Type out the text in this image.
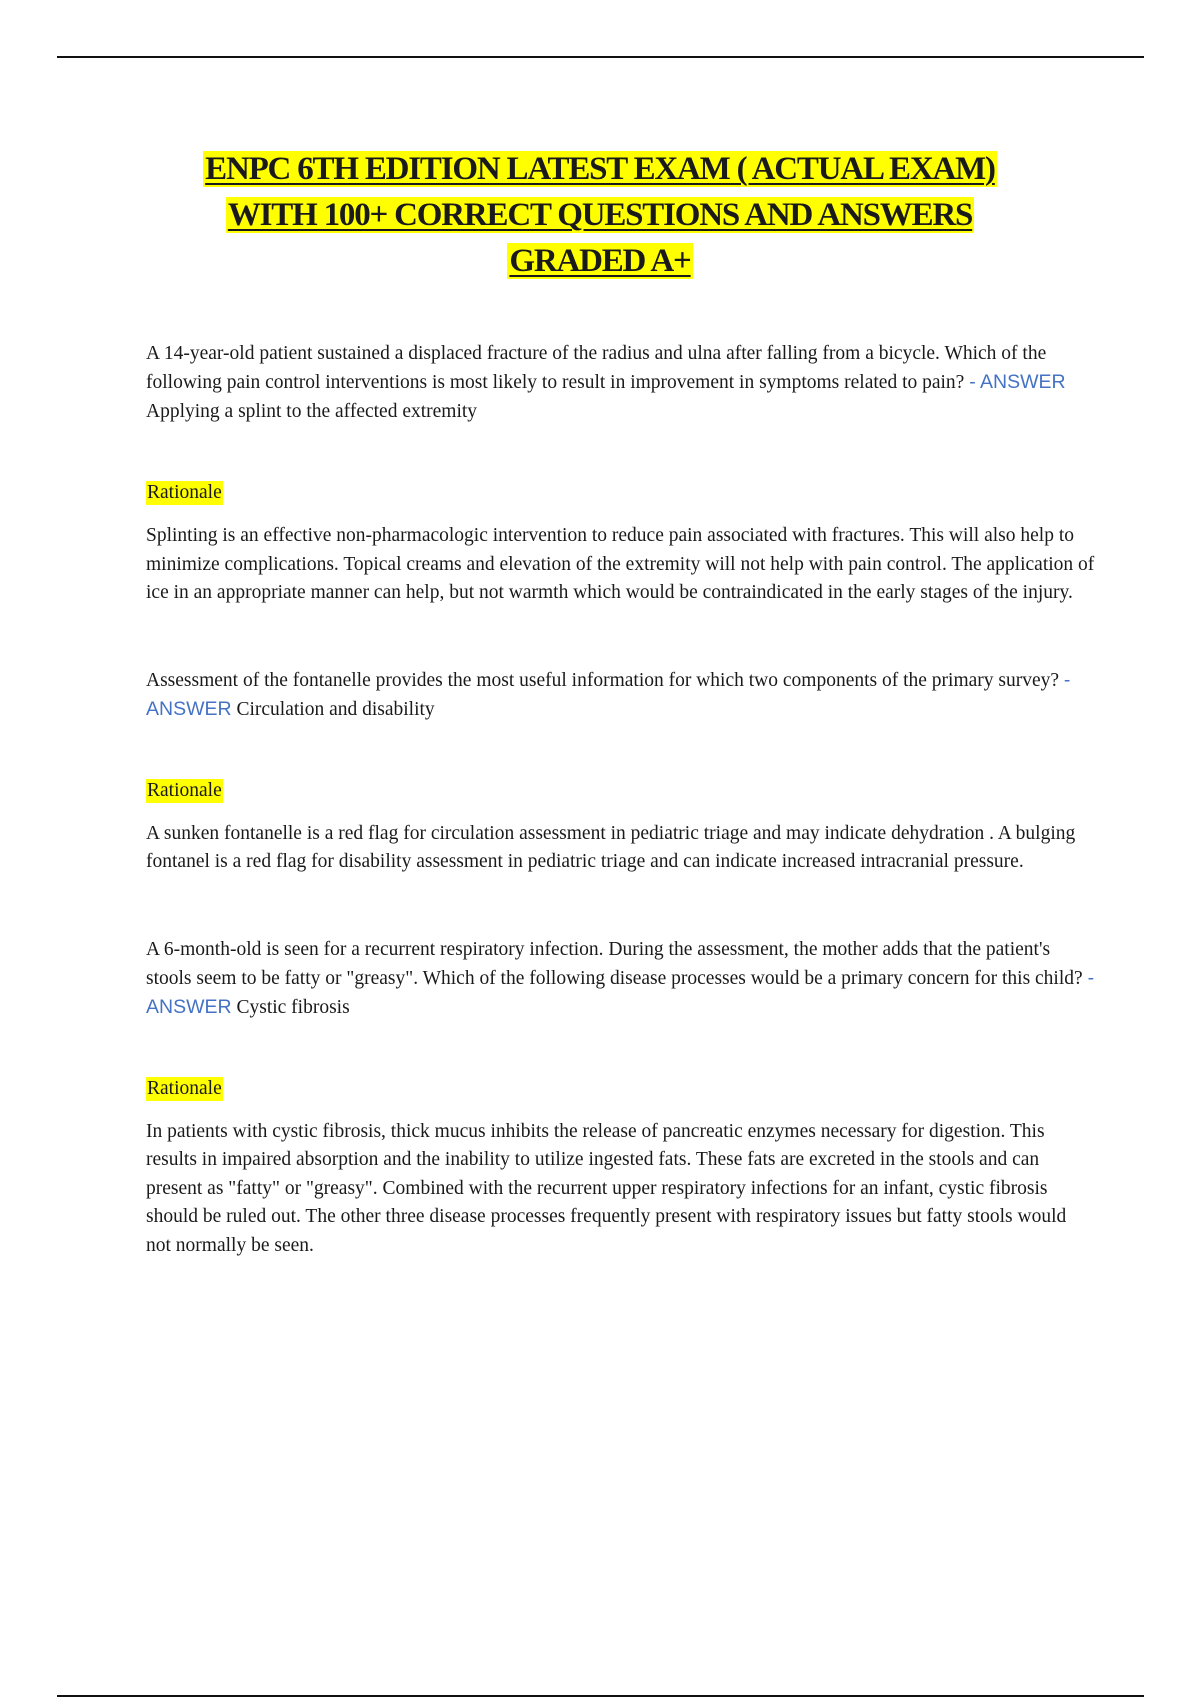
ENPC 6TH EDITION LATEST EXAM ( ACTUAL EXAM)
WITH 100+ CORRECT QUESTIONS AND ANSWERS
GRADED A+

A 14-year-old patient sustained a displaced fracture of the radius and ulna after falling from a bicycle. Which of the following pain control interventions is most likely to result in improvement in symptoms related to pain? - ANSWER Applying a splint to the affected extremity

Rationale

Splinting is an effective non-pharmacologic intervention to reduce pain associated with fractures. This will also help to minimize complications. Topical creams and elevation of the extremity will not help with pain control. The application of ice in an appropriate manner can help, but not warmth which would be contraindicated in the early stages of the injury.

Assessment of the fontanelle provides the most useful information for which two components of the primary survey? - ANSWER Circulation and disability

Rationale

A sunken fontanelle is a red flag for circulation assessment in pediatric triage and may indicate dehydration . A bulging fontanel is a red flag for disability assessment in pediatric triage and can indicate increased intracranial pressure.

A 6-month-old is seen for a recurrent respiratory infection. During the assessment, the mother adds that the patient's stools seem to be fatty or "greasy". Which of the following disease processes would be a primary concern for this child? - ANSWER Cystic fibrosis

Rationale

In patients with cystic fibrosis, thick mucus inhibits the release of pancreatic enzymes necessary for digestion. This results in impaired absorption and the inability to utilize ingested fats. These fats are excreted in the stools and can present as "fatty" or "greasy". Combined with the recurrent upper respiratory infections for an infant, cystic fibrosis should be ruled out. The other three disease processes frequently present with respiratory issues but fatty stools would not normally be seen.
